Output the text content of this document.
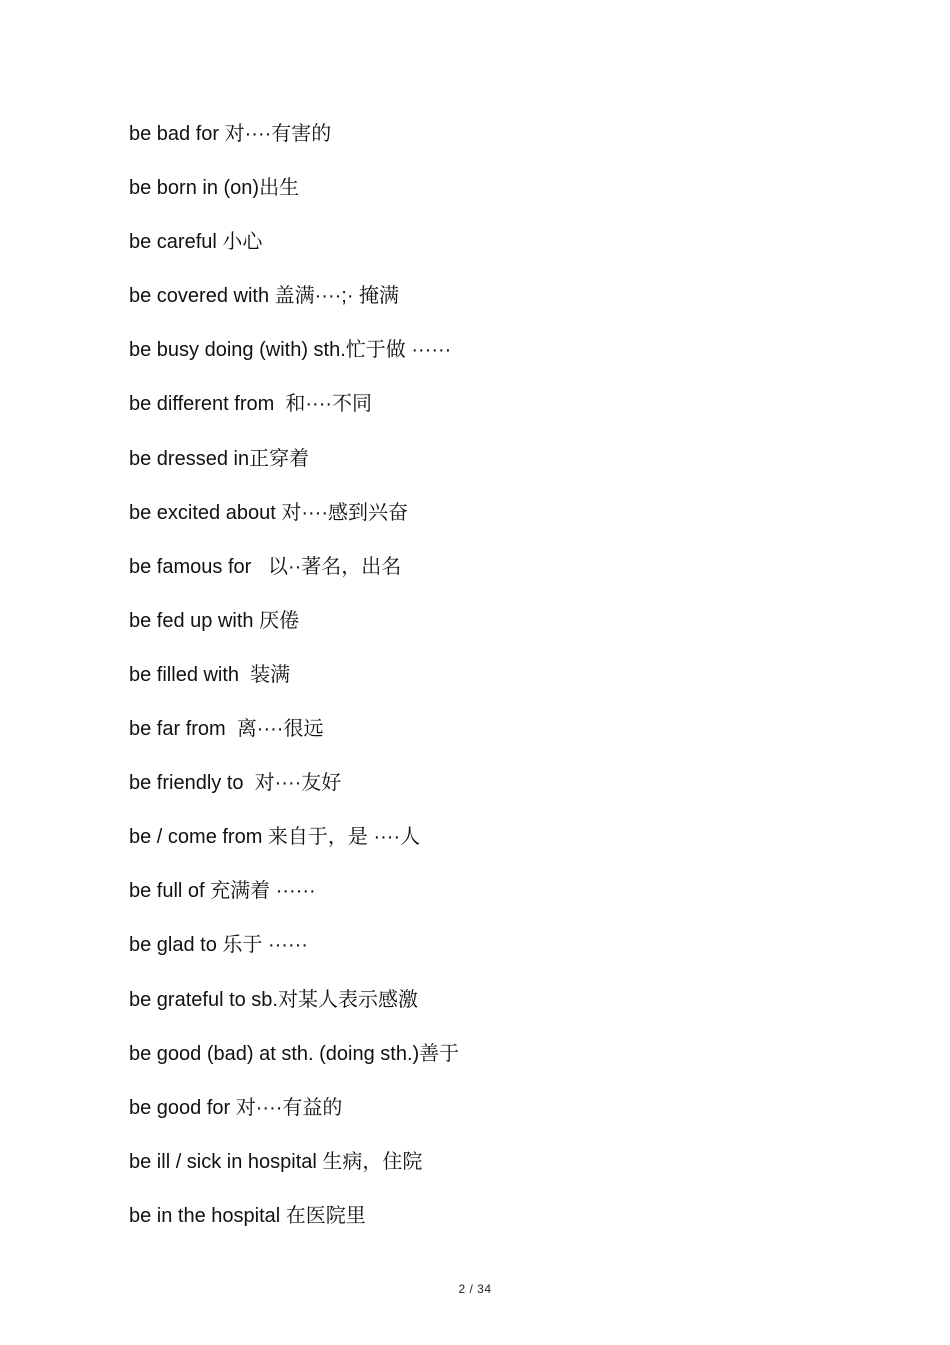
be bad for 对····有害的
be born in (on)出生
be careful 小心
be covered with 盖满····;· 掩满
be busy doing (with) sth.忙于做 ······
be different from  和····不同
be dressed in正穿着
be excited about 对····感到兴奋
be famous for   以··著名，出名
be fed up with 厌倦
be filled with  装满
be far from  离····很远
be friendly to  对····友好
be / come from 来自于，是 ····人
be full of 充满着 ······
be glad to 乐于 ······
be grateful to sb.对某人表示感激
be good (bad) at sth. (doing sth.)善于
be good for 对····有益的
be ill / sick in hospital 生病，住院
be in the hospital 在医院里
2 / 34
